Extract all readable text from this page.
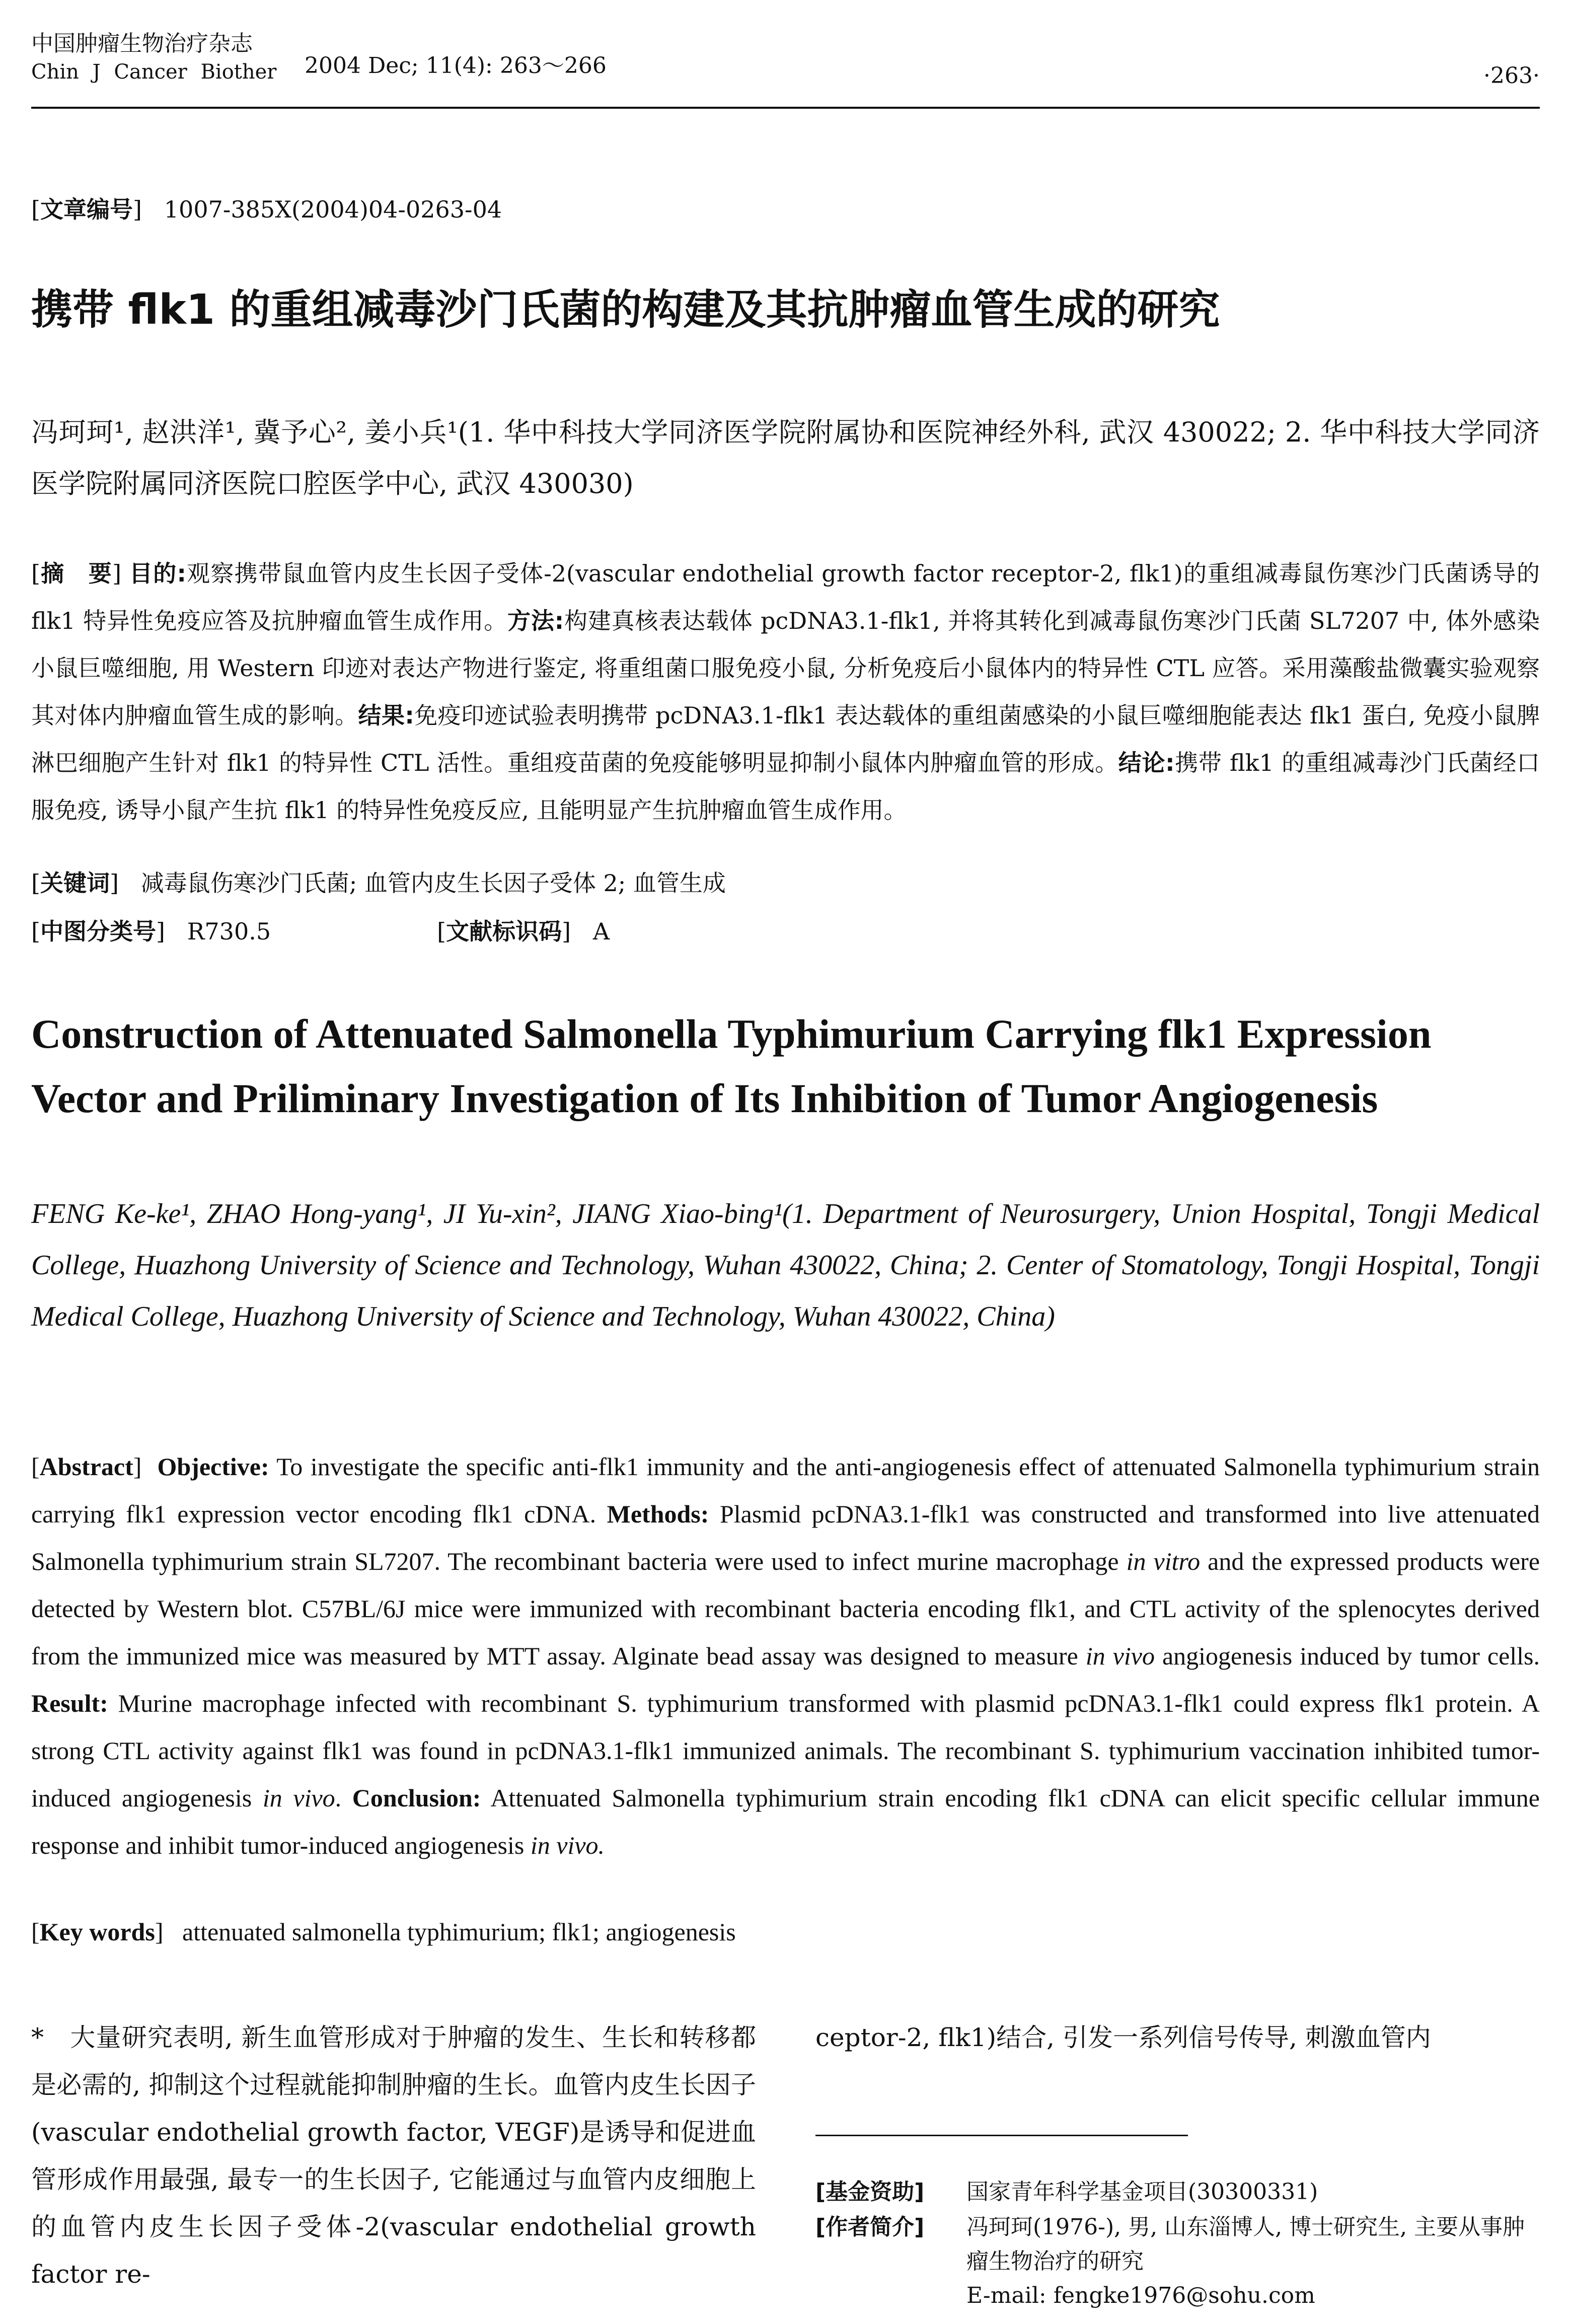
中国肿瘤生物治疗杂志
Chin J Cancer Biother 2004 Dec; 11(4): 263～266	·263·
[文章编号] 1007-385X(2004)04-0263-04
携带 flk1 的重组减毒沙门氏菌的构建及其抗肿瘤血管生成的研究
冯珂珂¹, 赵洪洋¹, 冀予心², 姜小兵¹(1. 华中科技大学同济医学院附属协和医院神经外科, 武汉 430022; 2. 华中科技大学同济医学院附属同济医院口腔医学中心, 武汉 430030)
[摘　要] 目的:观察携带鼠血管内皮生长因子受体-2(vascular endothelial growth factor receptor-2, flk1)的重组减毒鼠伤寒沙门氏菌诱导的 flk1 特异性免疫应答及抗肿瘤血管生成作用。方法:构建真核表达载体 pcDNA3.1-flk1, 并将其转化到减毒鼠伤寒沙门氏菌 SL7207 中, 体外感染小鼠巨噬细胞, 用 Western 印迹对表达产物进行鉴定, 将重组菌口服免疫小鼠, 分析免疫后小鼠体内的特异性 CTL 应答。采用藻酸盐微囊实验观察其对体内肿瘤血管生成的影响。结果:免疫印迹试验表明携带 pcDNA3.1-flk1 表达载体的重组菌感染的小鼠巨噬细胞能表达 flk1 蛋白, 免疫小鼠脾淋巴细胞产生针对 flk1 的特异性 CTL 活性。重组疫苗菌的免疫能够明显抑制小鼠体内肿瘤血管的形成。结论:携带 flk1 的重组减毒沙门氏菌经口服免疫, 诱导小鼠产生抗 flk1 的特异性免疫反应, 且能明显产生抗肿瘤血管生成作用。
[关键词] 减毒鼠伤寒沙门氏菌; 血管内皮生长因子受体 2; 血管生成
[中图分类号] R730.5	[文献标识码] A
Construction of Attenuated Salmonella Typhimurium Carrying flk1 Expression Vector and Priliminary Investigation of Its Inhibition of Tumor Angiogenesis
FENG Ke-ke¹, ZHAO Hong-yang¹, JI Yu-xin², JIANG Xiao-bing¹(1. Department of Neurosurgery, Union Hospital, Tongji Medical College, Huazhong University of Science and Technology, Wuhan 430022, China; 2. Center of Stomatology, Tongji Hospital, Tongji Medical College, Huazhong University of Science and Technology, Wuhan 430022, China)
[Abstract] Objective: To investigate the specific anti-flk1 immunity and the anti-angiogenesis effect of attenuated Salmonella typhimurium strain carrying flk1 expression vector encoding flk1 cDNA. Methods: Plasmid pcDNA3.1-flk1 was constructed and transformed into live attenuated Salmonella typhimurium strain SL7207. The recombinant bacteria were used to infect murine macrophage in vitro and the expressed products were detected by Western blot. C57BL/6J mice were immunized with recombinant bacteria encoding flk1, and CTL activity of the splenocytes derived from the immunized mice was measured by MTT assay. Alginate bead assay was designed to measure in vivo angiogenesis induced by tumor cells. Result: Murine macrophage infected with recombinant S. typhimurium transformed with plasmid pcDNA3.1-flk1 could express flk1 protein. A strong CTL activity against flk1 was found in pcDNA3.1-flk1 immunized animals. The recombinant S. typhimurium vaccination inhibited tumor-induced angiogenesis in vivo. Conclusion: Attenuated Salmonella typhimurium strain encoding flk1 cDNA can elicit specific cellular immune response and inhibit tumor-induced angiogenesis in vivo.
[Key words] attenuated salmonella typhimurium; flk1; angiogenesis
*　大量研究表明, 新生血管形成对于肿瘤的发生、生长和转移都是必需的, 抑制这个过程就能抑制肿瘤的生长。血管内皮生长因子(vascular endothelial growth factor, VEGF)是诱导和促进血管形成作用最强, 最专一的生长因子, 它能通过与血管内皮细胞上的血管内皮生长因子受体-2(vascular endothelial growth factor re-
ceptor-2, flk1)结合, 引发一系列信号传导, 刺激血管内
[基金资助] 国家青年科学基金项目(30300331)
[作者简介] 冯珂珂(1976-), 男, 山东淄博人, 博士研究生, 主要从事肿瘤生物治疗的研究
E-mail: fengke1976@sohu.com
